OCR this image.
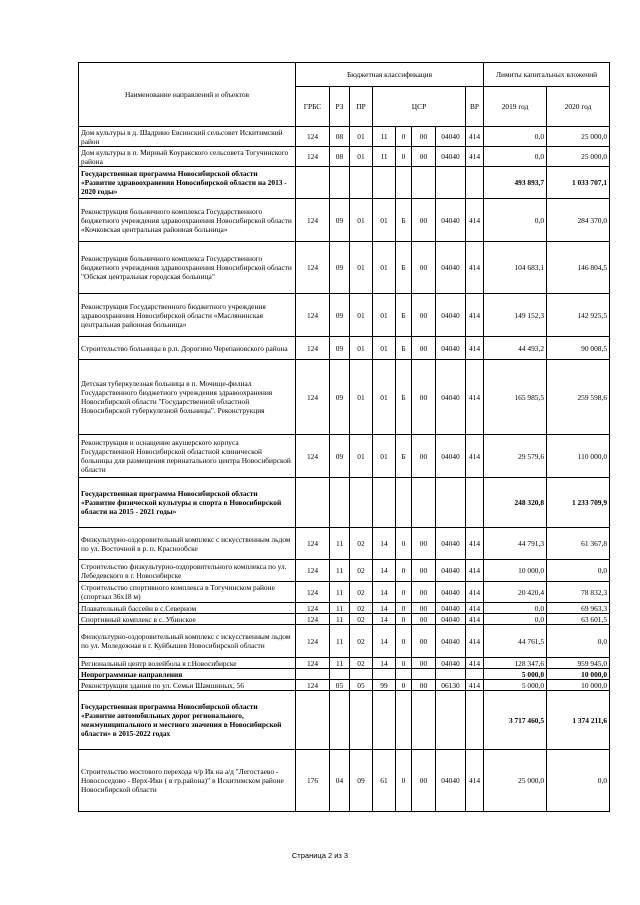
Наименование направлений и объектов	Бюджетная классификация								Лимиты капитальных вложений	
	ГРБС	РЗ	ПР	ЦСР				ВР	2019 год	2020 год
Дом культуры в д. Шадрино Евсинский сельсовет Искитимский район	124	08	01	11	0	00	04040	414	0,0	25 000,0
Дом культуры в п. Мирный Коуракского сельсовета Тогучинского района	124	08	01	11	0	00	04040	414	0,0	25 000,0
Государственная программа Новосибирской области «Развитие здравоохранения Новосибирской области на 2013 - 2020 годы»									493 893,7	1 033 707,1
Реконструкция больничного комплекса Государственного бюджетного учреждения здравоохранения Новосибирской области «Кочковская центральная районная больница»	124	09	01	01	Б	00	04040	414	0,0	284 370,0
Реконструкция больничного комплекса Государственного бюджетного учреждения здравоохранения Новосибирской области "Обская центральная городская больница"	124	09	01	01	Б	00	04040	414	104 683,1	146 804,5
Реконструкция Государственного бюджетного учреждения здравоохранения Новосибирской области «Маслянинская центральная районная больница»	124	09	01	01	Б	00	04040	414	149 152,3	142 925,5
Строительство больницы в р.п. Дорогино Черепановского района	124	09	01	01	Б	00	04040	414	44 493,2	90 008,5
Детская туберкулезная больница в п. Мочище-филиал Государственного бюджетного учреждения здравоохранения Новосибирской области "Государственной областной Новосибирской туберкулезной больницы". Реконструкция	124	09	01	01	Б	00	04040	414	165 985,5	259 598,6
Реконструкция и оснащение акушерского корпуса Государственной Новосибирской областной клинической больницы для размещения перинатального центра Новосибирской области	124	09	01	01	Б	00	04040	414	29 579,6	110 000,0
Государственная программа Новосибирской области «Развитие физической культуры и спорта в Новосибирской области на 2015 - 2021 годы»									248 320,8	1 233 709,9
Физкультурно-оздоровительный комплекс с искусственным льдом по ул. Восточной в р. п. Краснообске	124	11	02	14	0	00	04040	414	44 791,3	61 367,8
Строительство физкультурно-оздоровительного комплекса по ул. Лебедевского в г. Новосибирске	124	11	02	14	0	00	04040	414	10 000,0	0,0
Строительство спортивного комплекса в Тогучинском районе (спортзал 36х18 м)	124	11	02	14	0	00	04040	414	20 420,4	78 832,3
Плавательный бассейн в с.Северном	124	11	02	14	0	00	04040	414	0,0	69 963,3
Спортивный комплекс в с. Убинское	124	11	02	14	0	00	04040	414	0,0	63 601,5
Физкультурно-оздоровительный комплекс с искусственным льдом по ул. Моледежная в г. Куйбышев Новосибирской области	124	11	02	14	0	00	04040	414	44 761,5	0,0
Региональный центр волейбола в г.Новосибирске	124	11	02	14	0	00	04040	414	128 347,6	959 945,0
Непрограммные направления									5 000,0	10 000,0
Реконструкция здания по ул. Семьи Шамшиных, 56	124	05	05	99	0	00	06130	414	5 000,0	10 000,0
Государственная программа Новосибирской области «Развитие автомобильных дорог регионального, межмуниципального и местного значения в Новосибирской области» в 2015-2022 годах									3 717 460,5	1 374 211,6
Строительство мостового перехода ч/р Ик на а/д "Легостаево - Новососедово - Верх-Ики ( в гр.района)" в Искитимском районе Новосибирской области	176	04	09	61	0	00	04040	414	25 000,0	0,0
Страница 2 из 3
